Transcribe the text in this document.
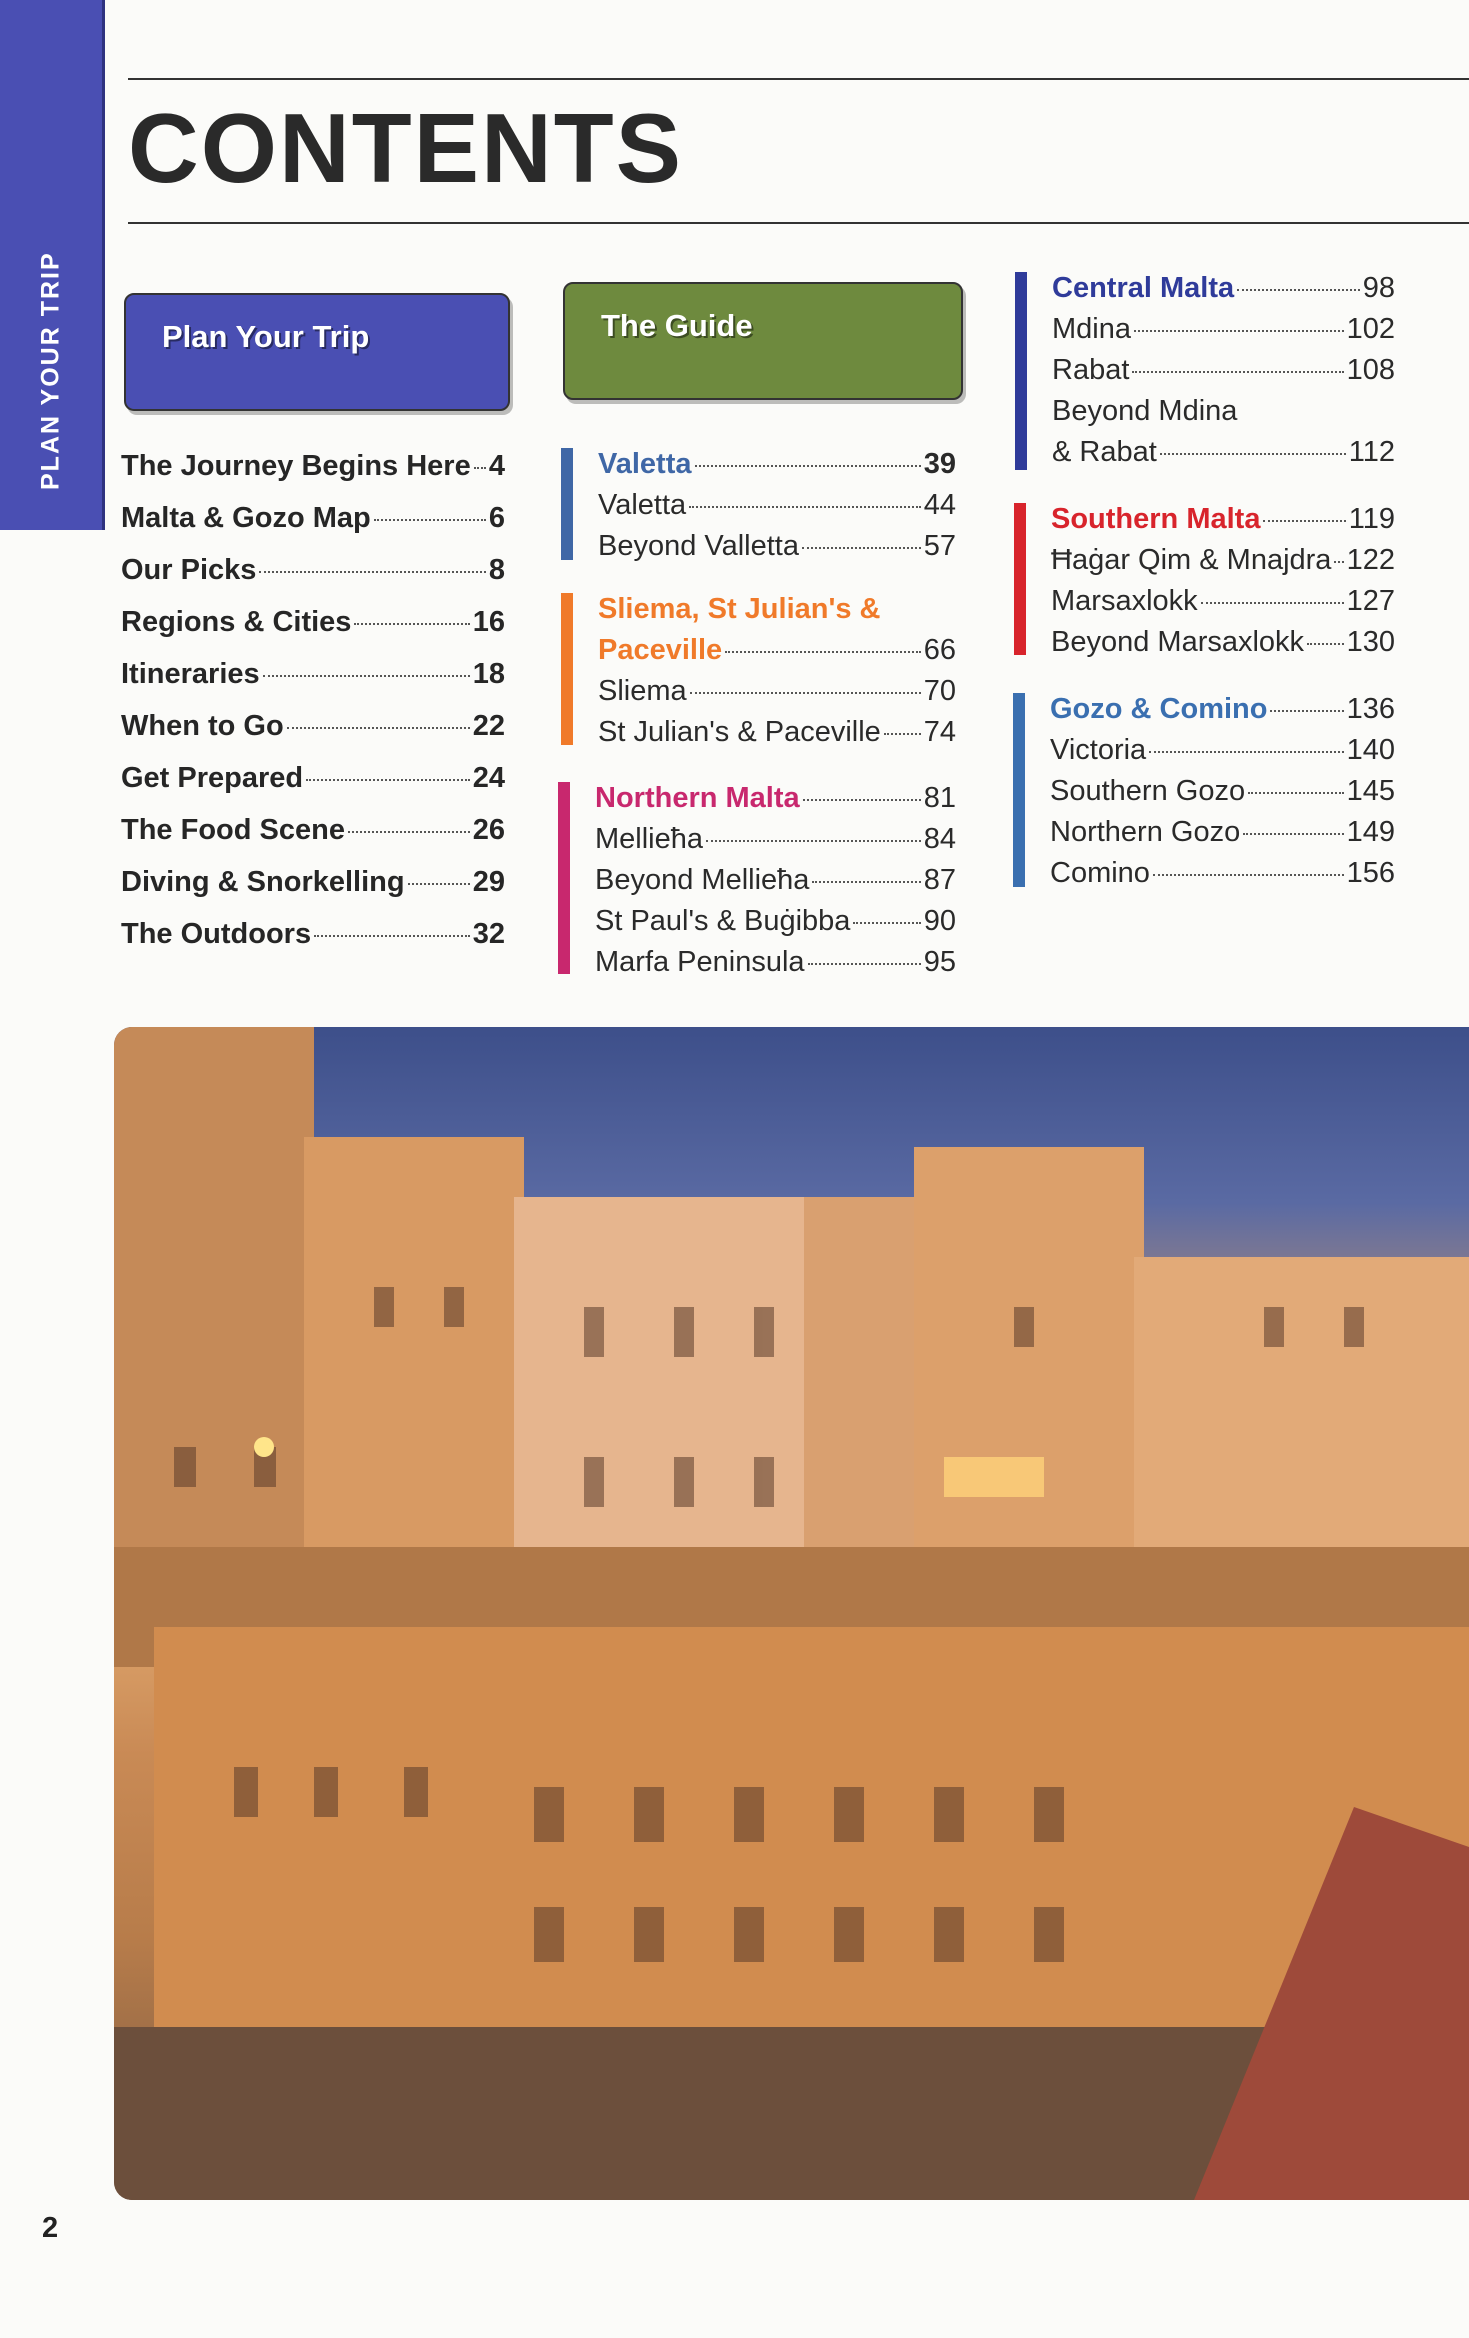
PLAN YOUR TRIP
CONTENTS
Plan Your Trip	The Guide
The Journey Begins Here 4
Malta & Gozo Map	6
Our Picks	8
Regions & Cities	16
Itineraries	18
When to Go	22
Get Prepared	24
The Food Scene	26
Diving & Snorkelling 29
The Outdoors	32
Valetta	39
Valetta	44
Beyond Valletta	57
Sliema, St Julian's &
Paceville	66
Sliema	70
St Julian's & Paceville 74
Northern Malta	81
Mellieħa	84
Beyond Mellieħa	87
St Paul's & Buġibba	90
Marfa Peninsula	95
Central Malta	98
Mdina	102
Rabat	108
Beyond Mdina
& Rabat	112
Southern Malta	119
Ħaġar Qim & Mnajdra 122
Marsaxlokk	127
Beyond Marsaxlokk 130
Gozo & Comino	136
Victoria	140
Southern Gozo	145
Northern Gozo	149
Comino	156
2
